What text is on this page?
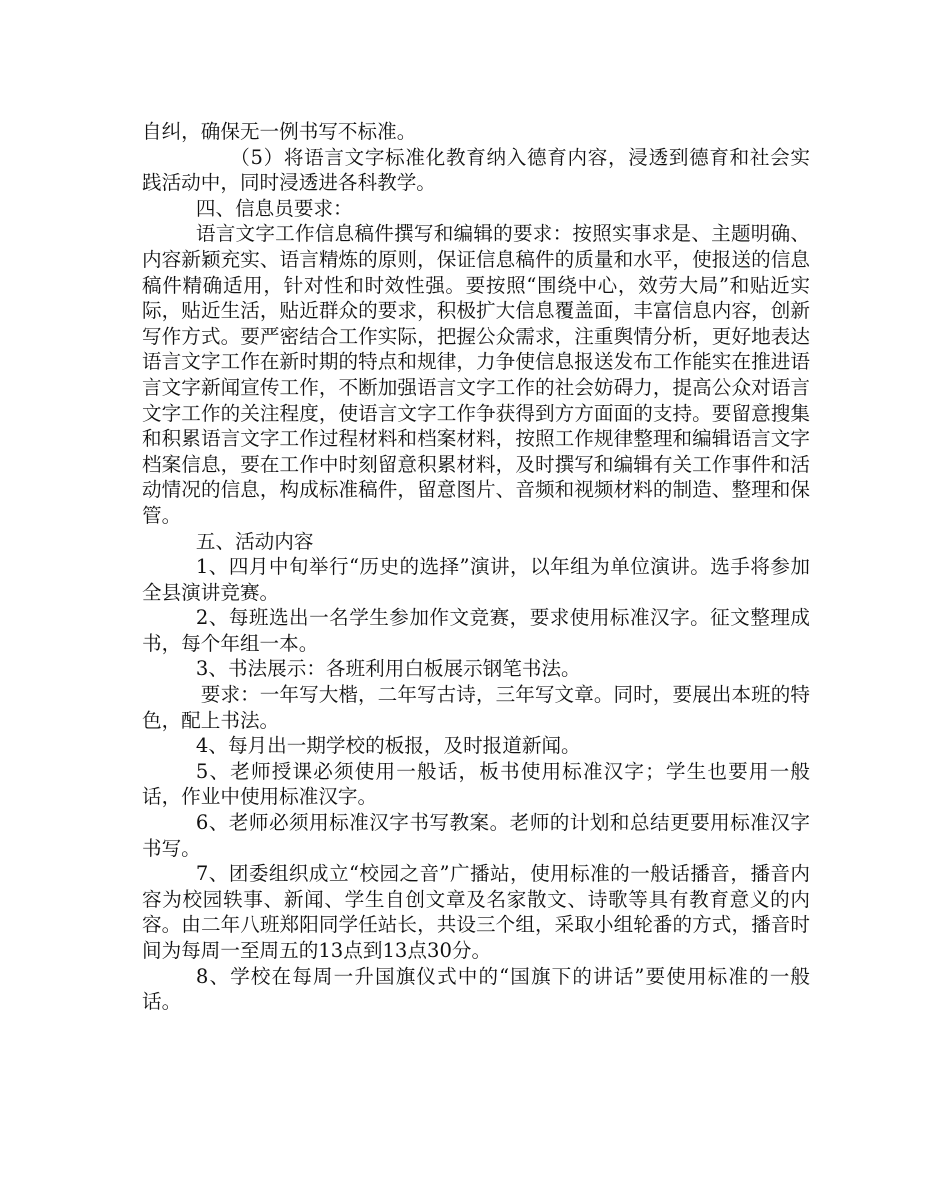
自纠，确保无一例书写不标准。

（5）将语言文字标准化教育纳入德育内容，浸透到德育和社会实践活动中，同时浸透进各科教学。

四、信息员要求：

语言文字工作信息稿件撰写和编辑的要求：按照实事求是、主题明确、内容新颖充实、语言精炼的原则，保证信息稿件的质量和水平，使报送的信息稿件精确适用，针对性和时效性强。要按照“围绕中心，效劳大局”和贴近实际，贴近生活，贴近群众的要求，积极扩大信息覆盖面，丰富信息内容，创新写作方式。要严密结合工作实际，把握公众需求，注重舆情分析，更好地表达语言文字工作在新时期的特点和规律，力争使信息报送发布工作能实在推进语言文字新闻宣传工作，不断加强语言文字工作的社会妨碍力，提高公众对语言文字工作的关注程度，使语言文字工作争获得到方方面面的支持。要留意搜集和积累语言文字工作过程材料和档案材料，按照工作规律整理和编辑语言文字档案信息，要在工作中时刻留意积累材料，及时撰写和编辑有关工作事件和活动情况的信息，构成标准稿件，留意图片、音频和视频材料的制造、整理和保管。

五、活动内容

1、四月中旬举行“历史的选择”演讲，以年组为单位演讲。选手将参加全县演讲竞赛。

2、每班选出一名学生参加作文竞赛，要求使用标准汉字。征文整理成书，每个年组一本。

3、书法展示：各班利用白板展示钢笔书法。

要求：一年写大楷，二年写古诗，三年写文章。同时，要展出本班的特色，配上书法。

4、每月出一期学校的板报，及时报道新闻。

5、老师授课必须使用一般话，板书使用标准汉字；学生也要用一般话，作业中使用标准汉字。

6、老师必须用标准汉字书写教案。老师的计划和总结更要用标准汉字书写。

7、团委组织成立“校园之音”广播站，使用标准的一般话播音，播音内容为校园轶事、新闻、学生自创文章及名家散文、诗歌等具有教育意义的内容。由二年八班郑阳同学任站长，共设三个组，采取小组轮番的方式，播音时间为每周一至周五的13点到13点30分。

8、学校在每周一升国旗仪式中的“国旗下的讲话”要使用标准的一般话。
